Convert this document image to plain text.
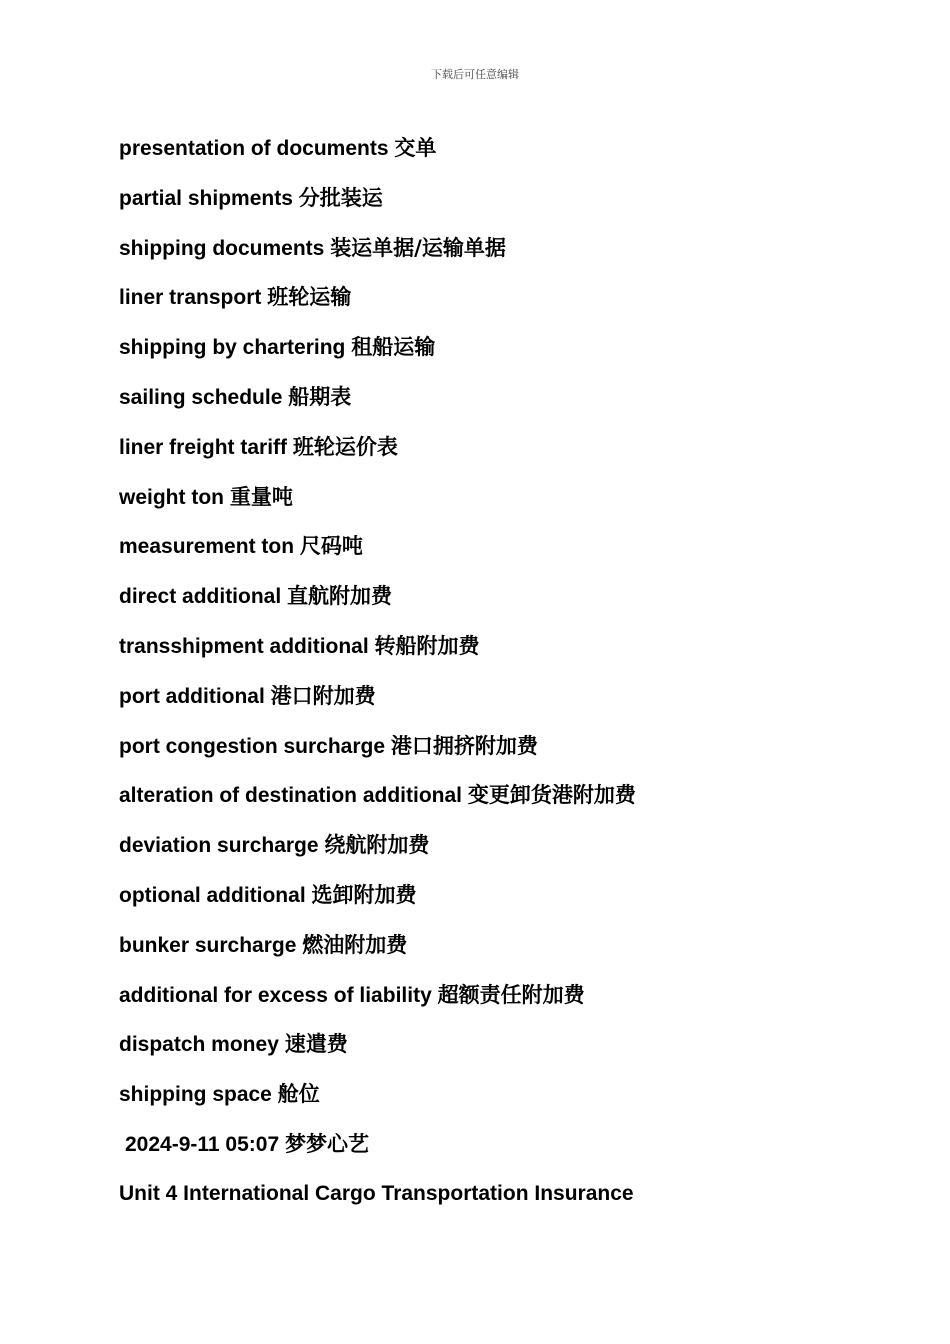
下载后可任意编辑
presentation of documents 交单
partial shipments 分批装运
shipping documents 装运单据/运输单据
liner transport 班轮运输
shipping by chartering 租船运输
sailing schedule 船期表
liner freight tariff 班轮运价表
weight ton 重量吨
measurement ton 尺码吨
direct additional 直航附加费
transshipment additional 转船附加费
port additional 港口附加费
port congestion surcharge 港口拥挤附加费
alteration of destination additional 变更卸货港附加费
deviation surcharge 绕航附加费
optional additional 选卸附加费
bunker surcharge 燃油附加费
additional for excess of liability 超额责任附加费
dispatch money 速遣费
shipping space 舱位
2024-9-11 05:07 梦梦心艺
Unit 4 International Cargo Transportation Insurance
